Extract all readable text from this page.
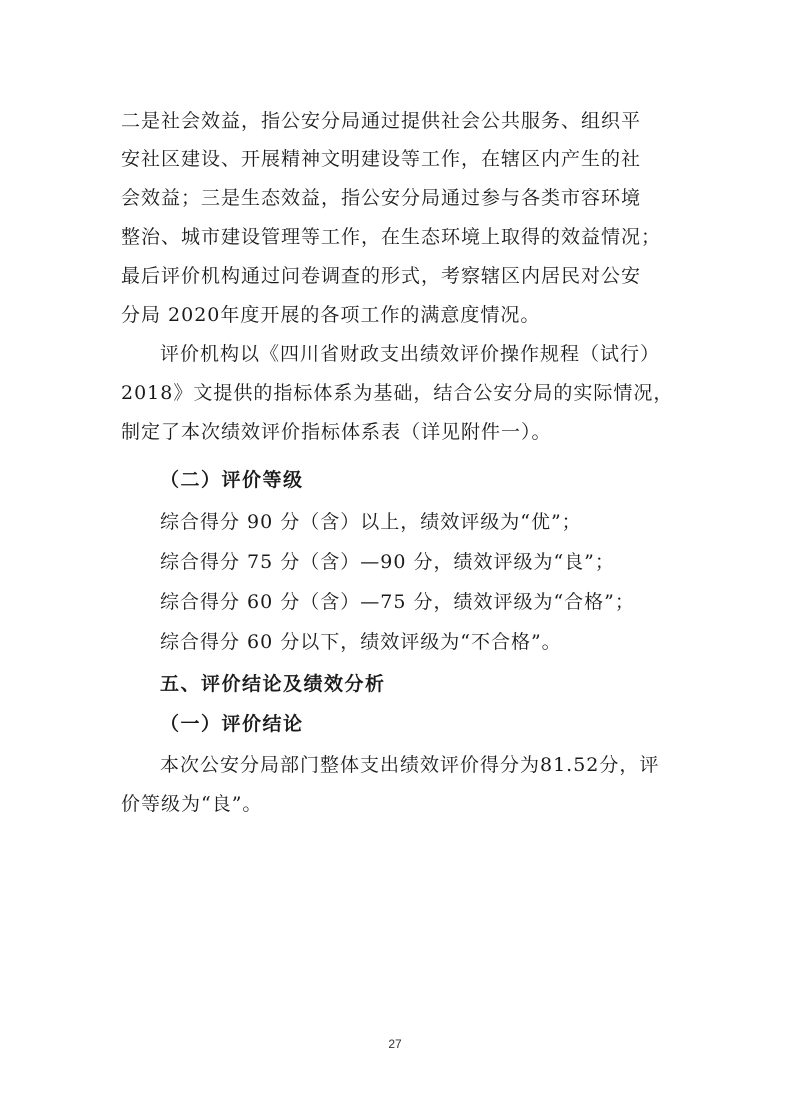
二是社会效益，指公安分局通过提供社会公共服务、组织平
安社区建设、开展精神文明建设等工作，在辖区内产生的社
会效益；三是生态效益，指公安分局通过参与各类市容环境
整治、城市建设管理等工作，在生态环境上取得的效益情况；
最后评价机构通过问卷调查的形式，考察辖区内居民对公安
分局 2020年度开展的各项工作的满意度情况。
评价机构以《四川省财政支出绩效评价操作规程（试行）
2018》文提供的指标体系为基础，结合公安分局的实际情况，
制定了本次绩效评价指标体系表（详见附件一）。
（二）评价等级
综合得分 90 分（含）以上，绩效评级为“优”；
综合得分 75 分（含）—90 分，绩效评级为“良”；
综合得分 60 分（含）—75 分，绩效评级为“合格”；
综合得分 60 分以下，绩效评级为“不合格”。
五、评价结论及绩效分析
（一）评价结论
本次公安分局部门整体支出绩效评价得分为81.52分，评
价等级为“良”。
27
